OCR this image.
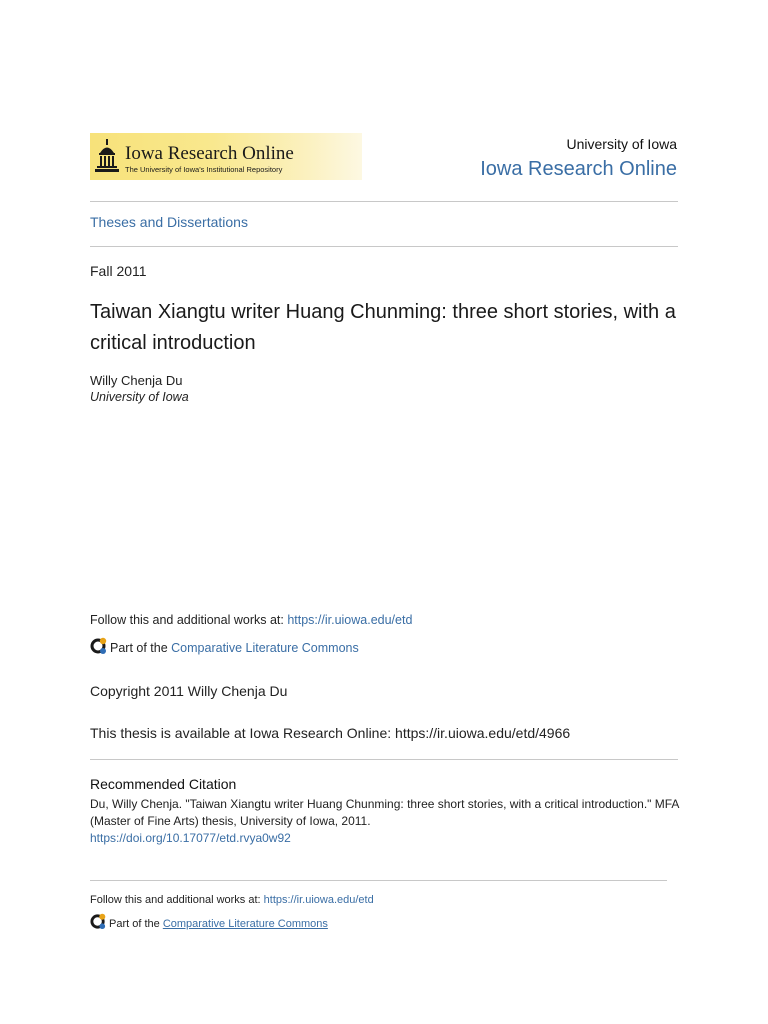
Iowa Research Online
The University of Iowa's Institutional Repository
University of Iowa
Iowa Research Online
Theses and Dissertations
Fall 2011
Taiwan Xiangtu writer Huang Chunming: three short stories, with a critical introduction
Willy Chenja Du
University of Iowa
Follow this and additional works at: https://ir.uiowa.edu/etd
Part of the Comparative Literature Commons
Copyright 2011 Willy Chenja Du
This thesis is available at Iowa Research Online: https://ir.uiowa.edu/etd/4966
Recommended Citation
Du, Willy Chenja. "Taiwan Xiangtu writer Huang Chunming: three short stories, with a critical introduction." MFA (Master of Fine Arts) thesis, University of Iowa, 2011.
https://doi.org/10.17077/etd.rvya0w92
Follow this and additional works at: https://ir.uiowa.edu/etd
Part of the Comparative Literature Commons
